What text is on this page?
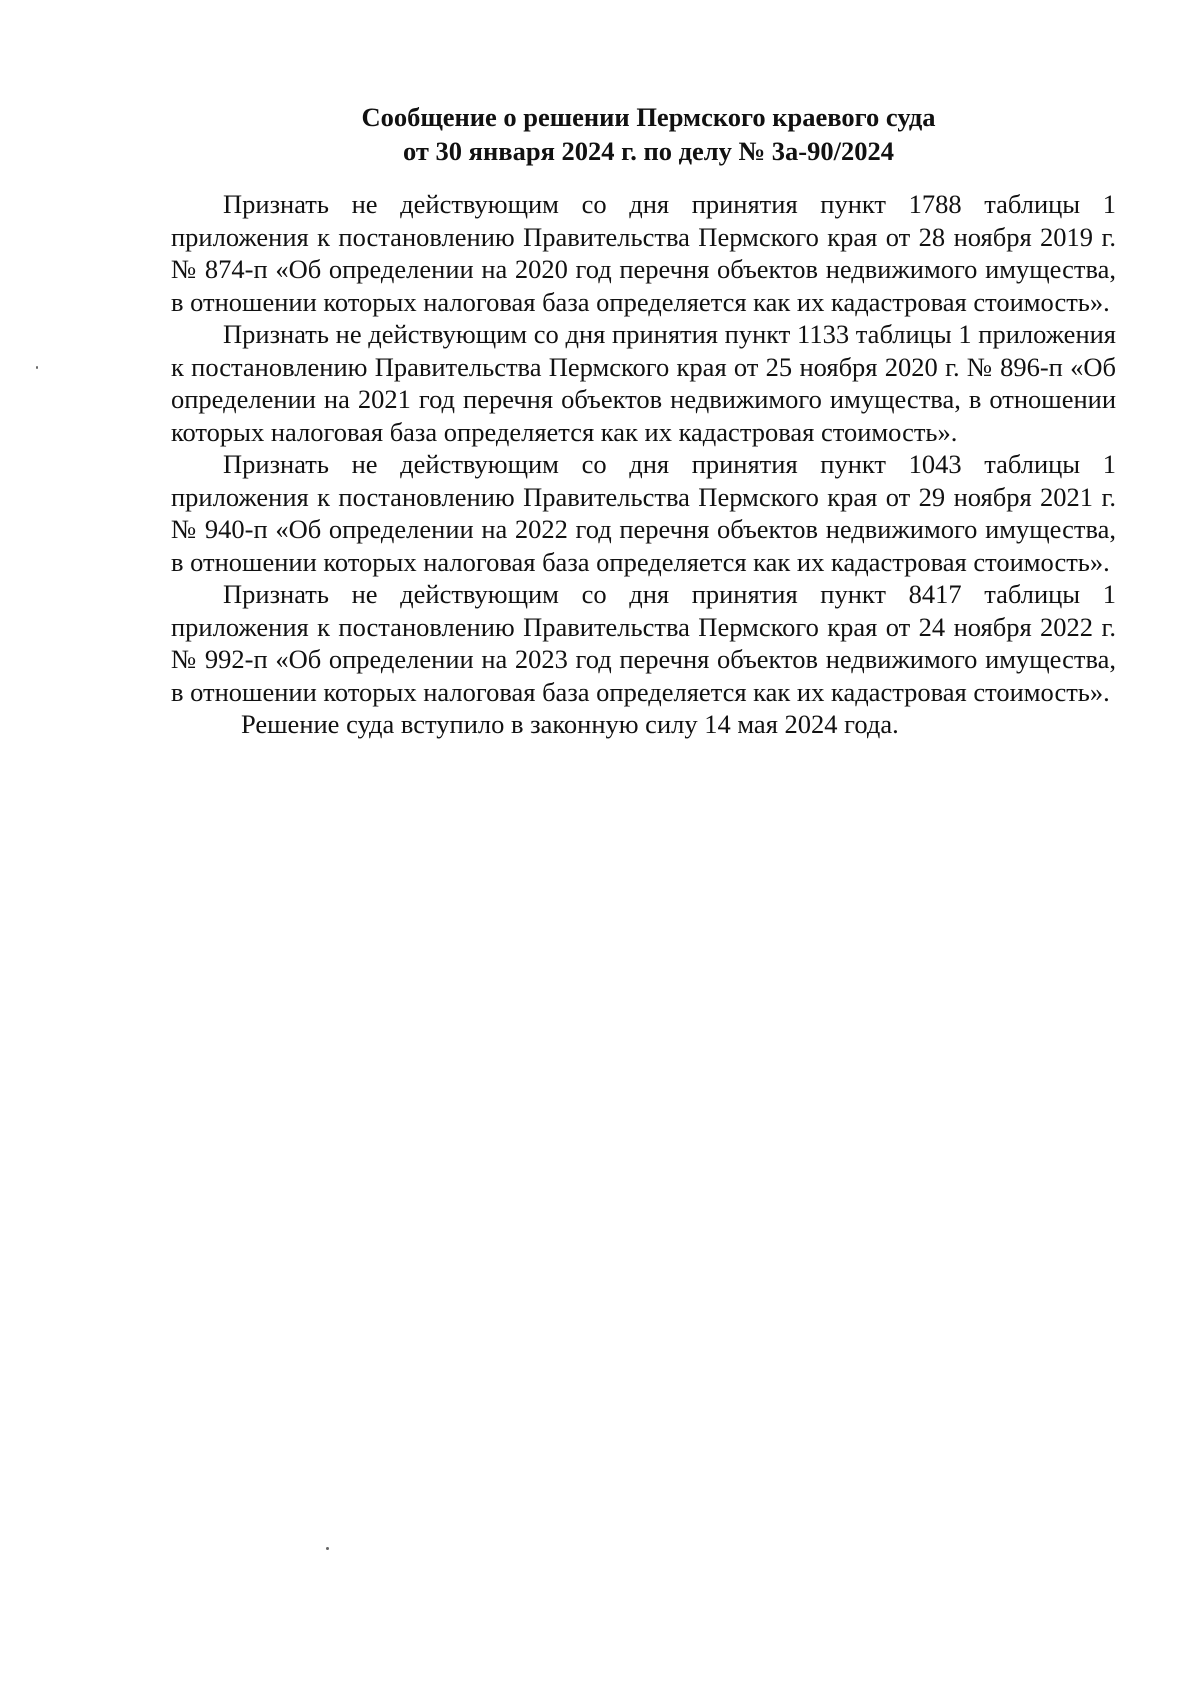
Сообщение о решении Пермского краевого суда
от 30 января 2024 г. по делу № 3а-90/2024

Признать не действующим со дня принятия пункт 1788 таблицы 1 приложения к постановлению Правительства Пермского края от 28 ноября 2019 г. № 874-п «Об определении на 2020 год перечня объектов недвижимого имущества, в отношении которых налоговая база определяется как их кадастровая стоимость».

Признать не действующим со дня принятия пункт 1133 таблицы 1 приложения к постановлению Правительства Пермского края от 25 ноября 2020 г. № 896-п «Об определении на 2021 год перечня объектов недвижимого имущества, в отношении которых налоговая база определяется как их кадастровая стоимость».

Признать не действующим со дня принятия пункт 1043 таблицы 1 приложения к постановлению Правительства Пермского края от 29 ноября 2021 г. № 940-п «Об определении на 2022 год перечня объектов недвижимого имущества, в отношении которых налоговая база определяется как их кадастровая стоимость».

Признать не действующим со дня принятия пункт 8417 таблицы 1 приложения к постановлению Правительства Пермского края от 24 ноября 2022 г. № 992-п «Об определении на 2023 год перечня объектов недвижимого имущества, в отношении которых налоговая база определяется как их кадастровая стоимость».

Решение суда вступило в законную силу 14 мая 2024 года.
